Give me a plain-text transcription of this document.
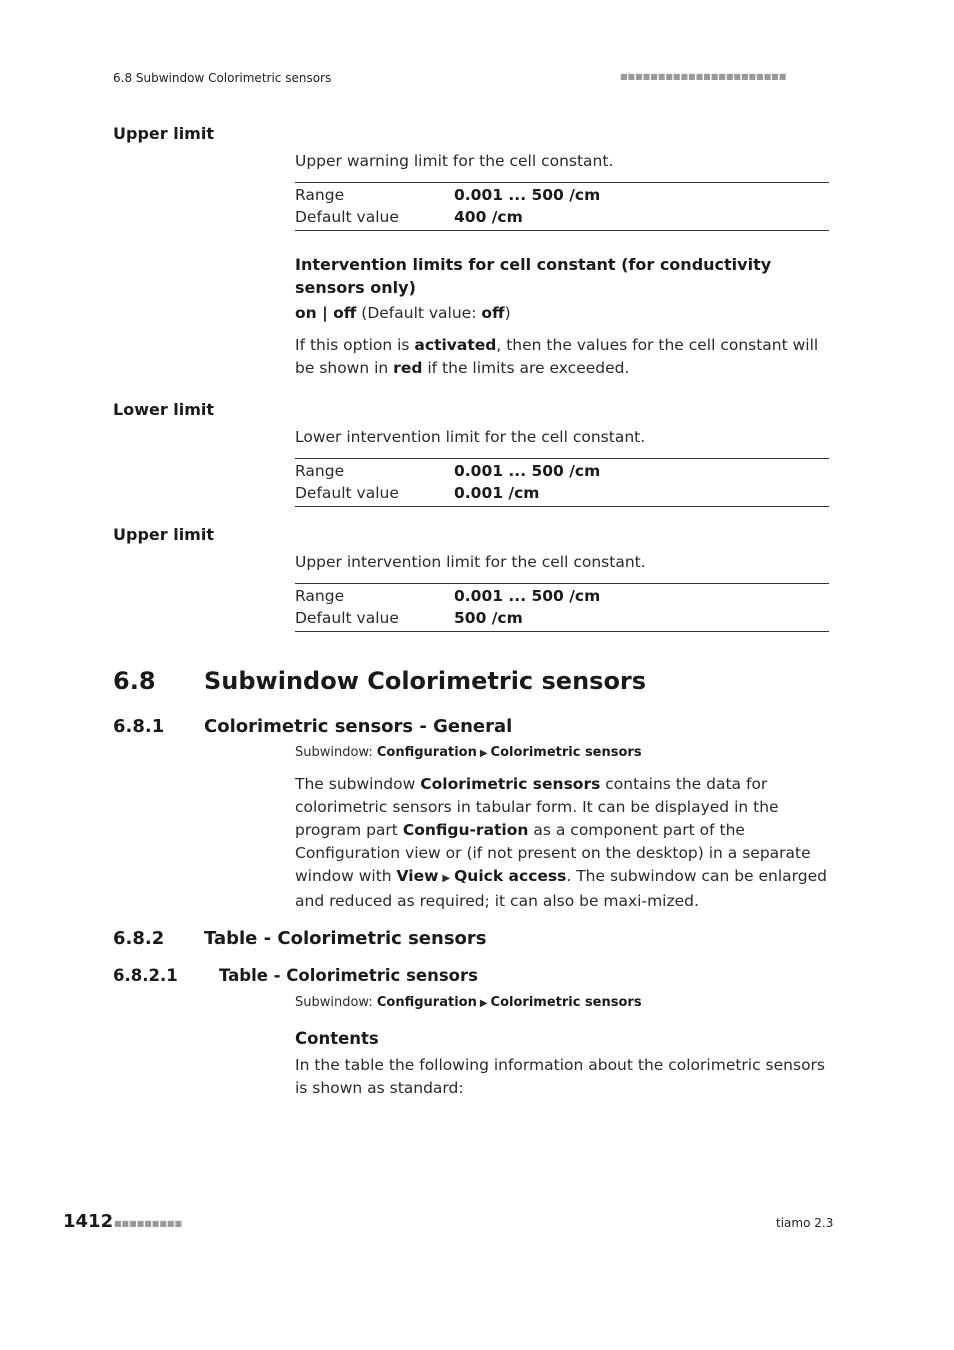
6.8 Subwindow Colorimetric sensors	■■■■■■■■■■■■■■■■■■■■■■
Upper limit
Upper warning limit for the cell constant.
Range	0.001 ... 500 /cm
Default value	400 /cm
Intervention limits for cell constant (for conductivity sensors only)
on | off (Default value: off)
If this option is activated, then the values for the cell constant will be shown in red if the limits are exceeded.
Lower limit
Lower intervention limit for the cell constant.
Range	0.001 ... 500 /cm
Default value	0.001 /cm
Upper limit
Upper intervention limit for the cell constant.
Range	0.001 ... 500 /cm
Default value	500 /cm
6.8 Subwindow Colorimetric sensors
6.8.1 Colorimetric sensors - General
Subwindow: Configuration ▶ Colorimetric sensors
The subwindow Colorimetric sensors contains the data for colorimetric sensors in tabular form. It can be displayed in the program part Configu-ration as a component part of the Configuration view or (if not present on the desktop) in a separate window with View ▶ Quick access. The subwindow can be enlarged and reduced as required; it can also be maxi-mized.
6.8.2 Table - Colorimetric sensors
6.8.2.1	Table - Colorimetric sensors
Subwindow: Configuration ▶ Colorimetric sensors
Contents
In the table the following information about the colorimetric sensors is shown as standard:
1412 ■■■■■■■■■	tiamo 2.3
